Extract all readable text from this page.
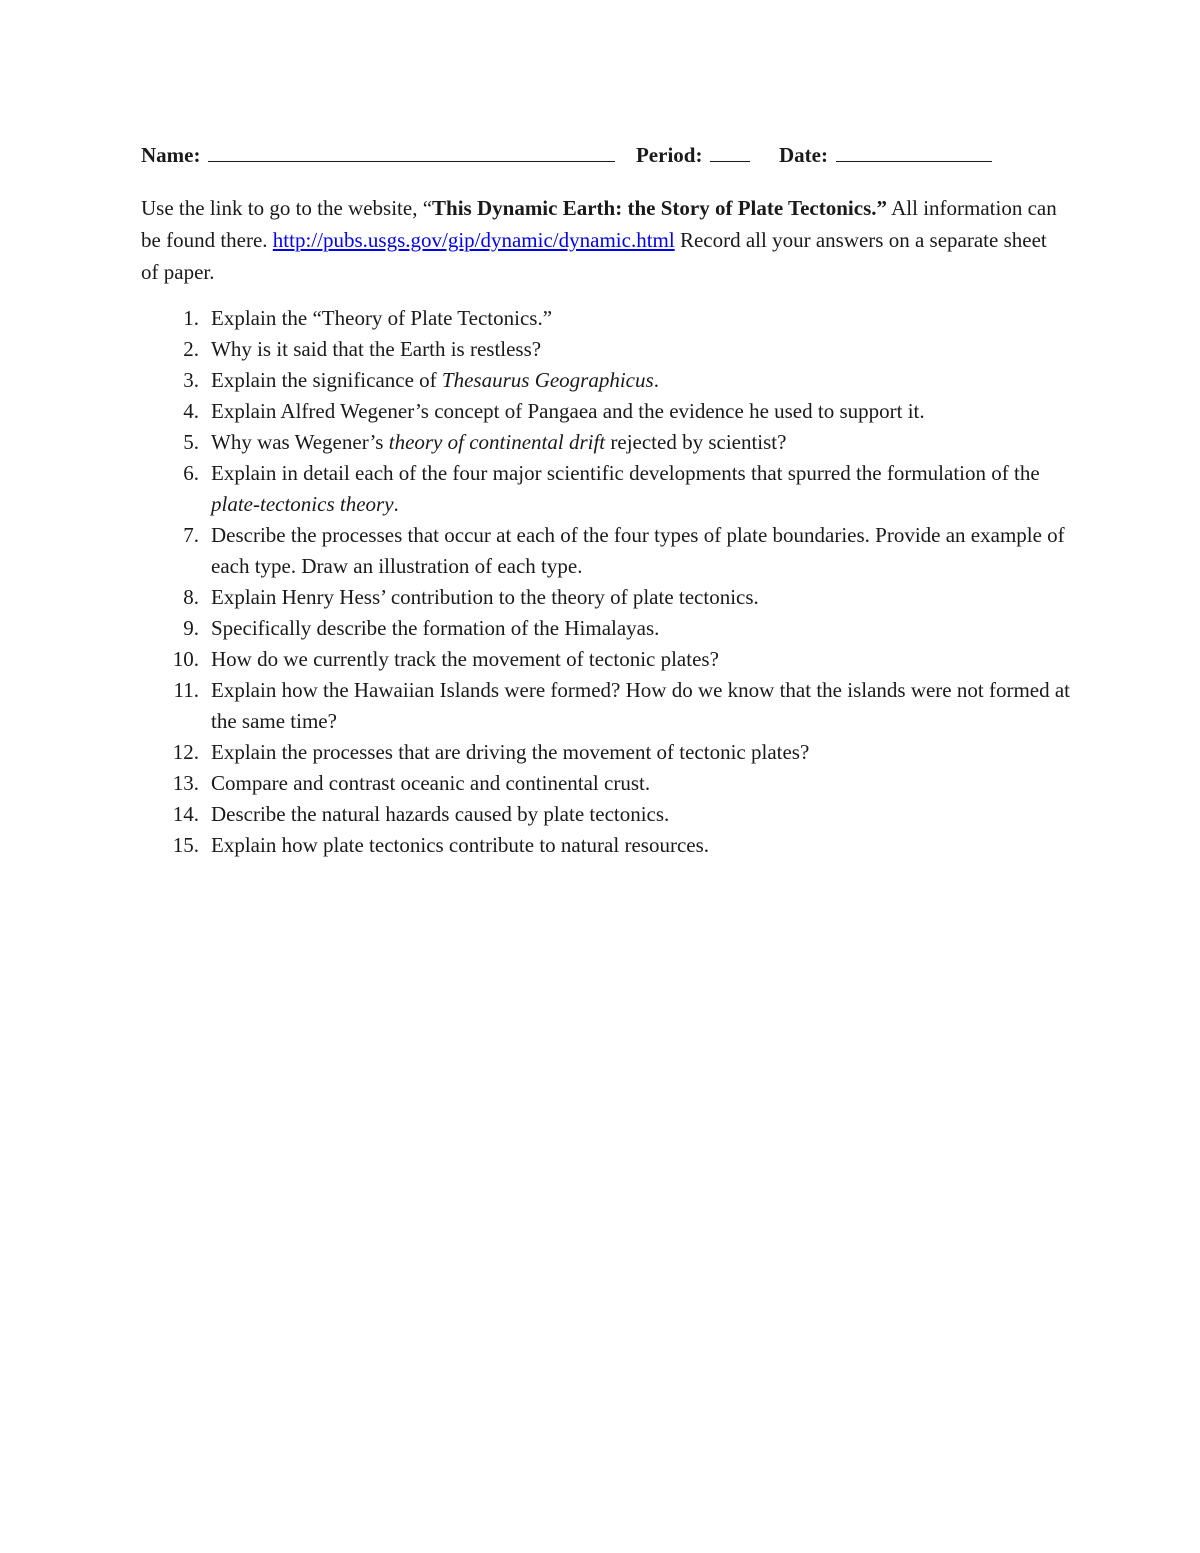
Name:	Period:	Date:
Use the link to go to the website, “This Dynamic Earth: the Story of Plate Tectonics.” All information can be found there. http://pubs.usgs.gov/gip/dynamic/dynamic.html Record all your answers on a separate sheet of paper.
1. Explain the “Theory of Plate Tectonics.”
2. Why is it said that the Earth is restless?
3. Explain the significance of Thesaurus Geographicus.
4. Explain Alfred Wegener’s concept of Pangaea and the evidence he used to support it.
5. Why was Wegener’s theory of continental drift rejected by scientist?
6. Explain in detail each of the four major scientific developments that spurred the formulation of the plate-tectonics theory.
7. Describe the processes that occur at each of the four types of plate boundaries. Provide an example of each type. Draw an illustration of each type.
8. Explain Henry Hess’ contribution to the theory of plate tectonics.
9. Specifically describe the formation of the Himalayas.
10. How do we currently track the movement of tectonic plates?
11. Explain how the Hawaiian Islands were formed? How do we know that the islands were not formed at the same time?
12. Explain the processes that are driving the movement of tectonic plates?
13. Compare and contrast oceanic and continental crust.
14. Describe the natural hazards caused by plate tectonics.
15. Explain how plate tectonics contribute to natural resources.
